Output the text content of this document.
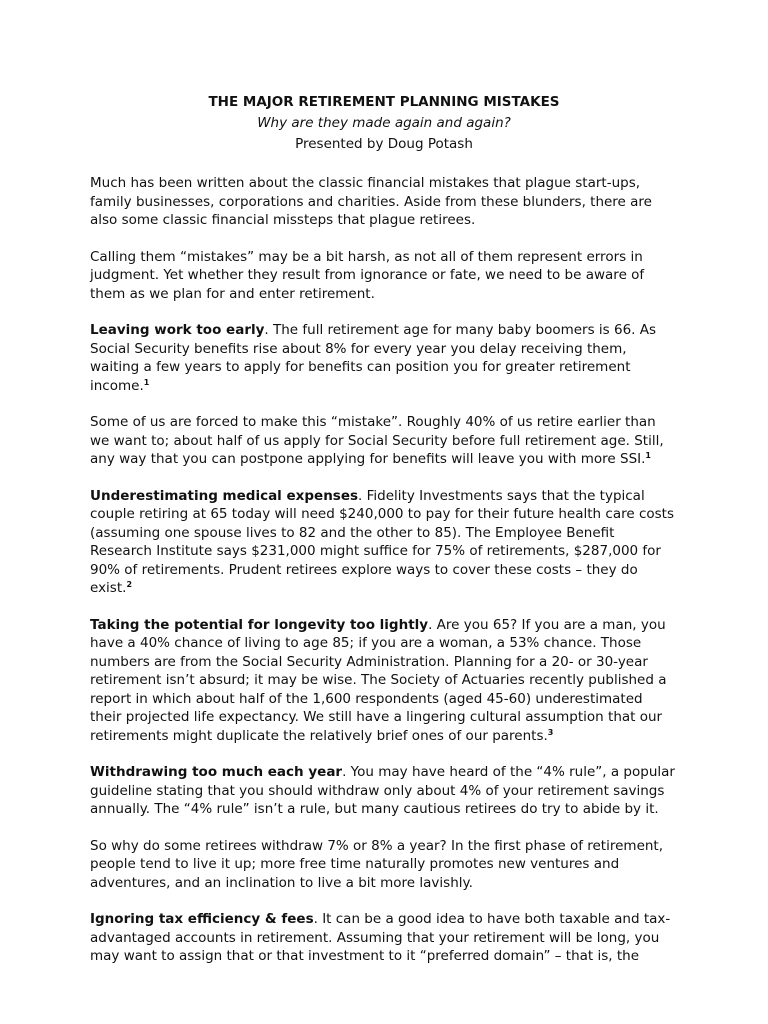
THE MAJOR RETIREMENT PLANNING MISTAKES
Why are they made again and again?
Presented by Doug Potash

Much has been written about the classic financial mistakes that plague start-ups, family businesses, corporations and charities. Aside from these blunders, there are also some classic financial missteps that plague retirees.

Calling them “mistakes” may be a bit harsh, as not all of them represent errors in judgment. Yet whether they result from ignorance or fate, we need to be aware of them as we plan for and enter retirement.

Leaving work too early. The full retirement age for many baby boomers is 66. As Social Security benefits rise about 8% for every year you delay receiving them, waiting a few years to apply for benefits can position you for greater retirement income.$^1$

Some of us are forced to make this “mistake”. Roughly 40% of us retire earlier than we want to; about half of us apply for Social Security before full retirement age. Still, any way that you can postpone applying for benefits will leave you with more SSI.$^1$

Underestimating medical expenses. Fidelity Investments says that the typical couple retiring at 65 today will need $240,000 to pay for their future health care costs (assuming one spouse lives to 82 and the other to 85). The Employee Benefit Research Institute says $231,000 might suffice for 75% of retirements, $287,000 for 90% of retirements. Prudent retirees explore ways to cover these costs – they do exist.$^2$

Taking the potential for longevity too lightly. Are you 65? If you are a man, you have a 40% chance of living to age 85; if you are a woman, a 53% chance. Those numbers are from the Social Security Administration. Planning for a 20- or 30-year retirement isn’t absurd; it may be wise. The Society of Actuaries recently published a report in which about half of the 1,600 respondents (aged 45-60) underestimated their projected life expectancy. We still have a lingering cultural assumption that our retirements might duplicate the relatively brief ones of our parents.$^3$

Withdrawing too much each year. You may have heard of the “4% rule”, a popular guideline stating that you should withdraw only about 4% of your retirement savings annually. The “4% rule” isn’t a rule, but many cautious retirees do try to abide by it.

So why do some retirees withdraw 7% or 8% a year? In the first phase of retirement, people tend to live it up; more free time naturally promotes new ventures and adventures, and an inclination to live a bit more lavishly.

Ignoring tax efficiency & fees. It can be a good idea to have both taxable and tax-advantaged accounts in retirement. Assuming that your retirement will be long, you may want to assign that or that investment to it “preferred domain” – that is, the
